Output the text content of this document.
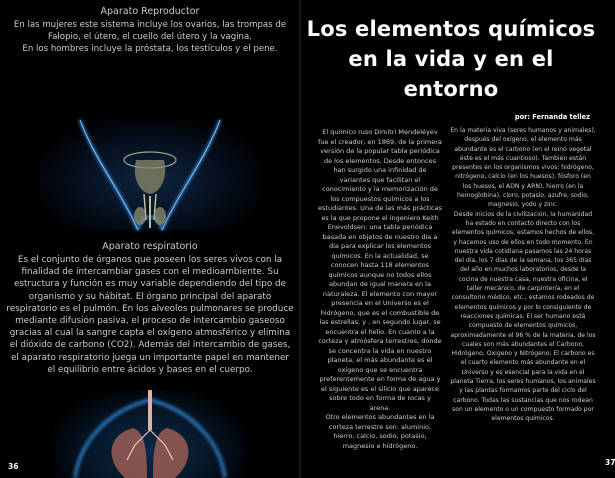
Aparato Reproductor
En las mujeres este sistema incluye los ovarios, las trompas de Falopio, el útero, el cuello del útero y la vagina.
En los hombres incluye la próstata, los testículos y el pene.
Aparato respiratorio
Es el conjunto de órganos que poseen los seres vivos con la finalidad de intercambiar gases con el medioambiente. Su estructura y función es muy variable dependiendo del tipo de organismo y su hábitat. El órgano principal del aparato respiratorio es el pulmón. En los alveolos pulmonares se produce mediante difusión pasiva, el proceso de intercambio gaseoso gracias al cual la sangre capta el oxígeno atmosférico y elimina el dióxido de carbono (CO2). Además del intercambio de gases, el aparato respiratorio juega un importante papel en mantener el equilibrio entre ácidos y bases en el cuerpo.
36
Los elementos químicos
en la vida y en el
entorno
por: Fernanda tellez
37
El químico ruso Dimitri Mendeléyev fue el creador, en 1869, de la primera versión de la popular tabla periódica de los elementos. Desde entonces han surgido una infinidad de variantes que facilitan el conocimiento y la memorización de los compuestos químicos a los estudiantes. Una de las más prácticas es la que propone el ingeniero Keith Enevoldsen: una tabla periódica basada en objetos de nuestro día a día para explicar los elementos químicos. En la actualidad, se conocen hasta 118 elementos químicos aunque no todos ellos abundan de igual manera en la naturaleza. El elemento con mayor presencia en el Universo es el hidrógeno, que es el combustible de las estrellas, y , en segundo lugar, se encuentra el helio. En cuanto a la corteza y atmósfera terrestres, donde se concentra la vida en nuestro planeta, el más abundante es el oxígeno que se encuentra preferentemente en forma de agua y el siguiente es el silicio que aparece sobre todo en forma de rocas y arena.
Otro elementos abundantes en la corteza terrestre son: aluminio, hierro, calcio, sodio, potasio, magnesio e hidrógeno.
En la materia viva (seres humanos y animales), después del oxígeno, el elemento más abundante es el carbono (en el reino vegetal éste es el más cuantioso). También están presentes en los organismos vivos: hidrógeno, nitrógeno, calcio (en los huesos), fósforo (en los huesos, el ADN y ARN), hierro (en la hemoglobina), cloro, potasio, azufre, sodio, magnesio, yodo y zinc.
Desde inicios de la civilización, la humanidad ha estado en contacto directo con los elementos químicos, estamos hechos de ellos, y hacemos uso de ellos en todo momento. En nuestra vida cotidiana pasamos las 24 horas del día, los 7 días de la semana, los 365 días del año en muchos laboratorios, desde la cocina de nuestra casa, nuestra oficina, el taller mecánico, de carpintería, en el consultorio médico, etc., estamos rodeados de elementos químicos y por lo consiguiente de reacciones químicas. El ser humano está compuesto de elementos químicos, aproximadamente el 96 % de la materia, de los cuales son más abundantes el Carbono, Hidrógeno, Oxigeno y Nitrógeno; El carbono es el cuarto elemento más abundante en el Universo y es esencial para la vida en el planeta Tierra, los seres humanos, los animales y las plantas formamos parte del ciclo del carbono. Todas las sustancias que nos rodean son un elemento o un compuesto formado por elementos químicos.
